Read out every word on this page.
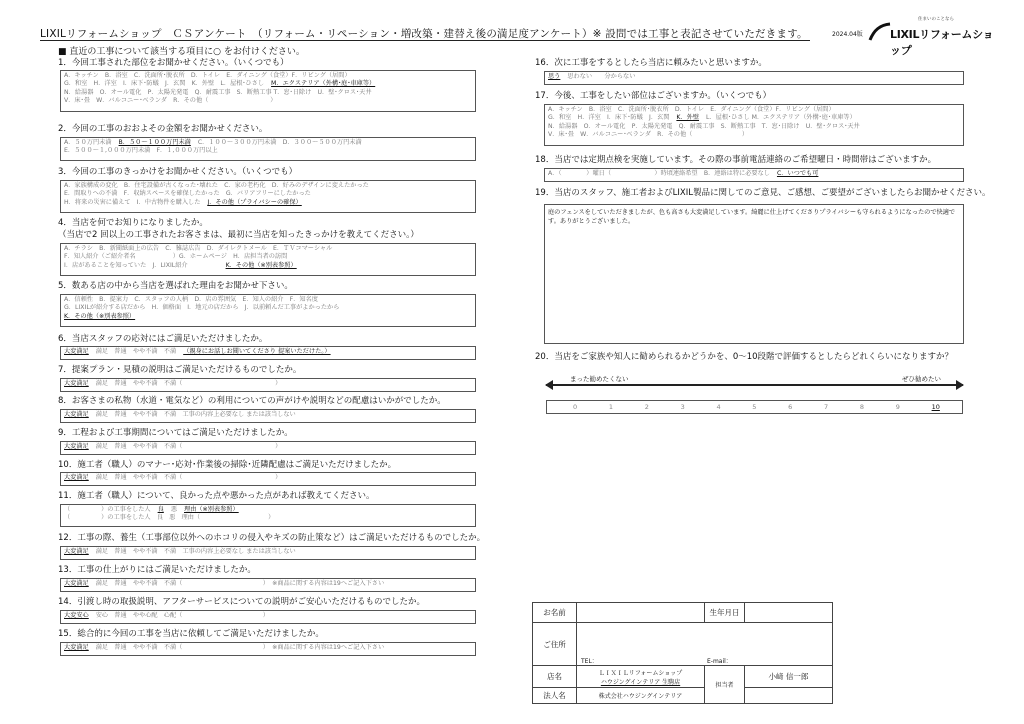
LIXILリフォームショップ　ＣＳアンケート　（リフォーム・リペーション・増改築・建替え後の満足度アンケート）※ 設問では工事と表記させていただきます。	2024.04版
住まいのことなら
LIXILリフォームショップ
■ 直近の工事について該当する項目に○ をお付けください。
1．今回工事された部位をお聞かせください。（いくつでも）
A．キッチン　B．浴室　C．洗面所･脱衣所　D．トイレ　E．ダイニング（食堂）F．リビング（居間）
G．和室　H．洋室　I．床下･防蟻　J．玄関　K．外壁　L．屋根･ひさし M．エクステリア（外構･庭･車庫等）
N．給湯器　O．オール電化　P．太陽光発電　Q．耐震工事　S．断熱工事 T．窓･日除け　U．壁･クロス･天井
V．床･畳　W．バルコニー･ベランダ　R．その他（　　　　　　　　　　）
2．今回の工事のおおよその金額をお聞かせください。
A．５０万円未満 B．５０～１００万円未満 C．１００～３００万円未満　D．３００～５００万円未満
E．５００～１,０００万円未満　F．１,０００万円以上
3．今回の工事のきっかけをお聞かせください。（いくつでも）
A．家族構成の変化　B．住宅設備が古くなった･壊れた　C．家の老朽化　D．好みのデザインに変えたかった
E．間取りへの不満　F．収納スペースを確保したかった　G．バリアフリーにしたかった
H．将来の災害に備えて　I．中古物件を購入した J．その他（プライバシーの確保）
4．当店を何でお知りになりましたか。
（当店で2 回以上の工事されたお客さまは、最初に当店を知ったきっかけを教えてください。）
A．チラシ　B．新聞紙面上の広告　C．雑誌広告　D．ダイレクトメール　E．ＴＶコマーシャル
F．知人紹介（ご紹介者名　　　　　　）G．ホームページ　H．店担当者の訪問
I．店があることを知っていた　J．LIXIL紹介　　　　　 K．その他（※別表参照）
5．数ある店の中から当店を選ばれた理由をお聞かせ下さい。
A．信頼性　B．提案力　C．スタッフの人柄　D．店の雰囲気　E．知人の紹介　F．知名度
G．LIXILが紹介する店だから　H．価格面　I．地元の店だから　J．以前頼んだ工事がよかったから
K．その他（※別表参照）
6．当店スタッフの応対にはご満足いただけましたか。
大変満足 満足　普通　やや不満　不満 （親身にお話しお聞いてくださり 提案いただけた。）
7．提案プラン・見積の説明はご満足いただけるものでしたか。
大変満足 満足　普通　やや不満　不満（　　　　　　　　　　　　　　　）
8．お客さまの私物（水道・電気など）の利用についての声がけや説明などの配慮はいかがでしたか。
大変満足 満足　普通　やや不満　不満　工事の内容上必要なし または該当しない
9．工程および工事期間についてはご満足いただけましたか。
大変満足 満足　普通　やや不満　不満（　　　　　　　　　　　　　　　）
10．施工者（職人）のマナー･応対･作業後の掃除･近隣配慮はご満足いただけましたか。
大変満足 満足　普通　やや不満　不満（　　　　　　　　　　　　　　　）
11．施工者（職人）について、良かった点や悪かった点があれば教えてください。
（　　　　　）の工事をした人 良 悪 理由（※別表参照）
（　　　　　）の工事をした人　良　悪　理由（　　　　　　　　　　　）
12．工事の際、養生（工事部位以外へのホコリの侵入やキズの防止策など）はご満足いただけるものでしたか。
大変満足 満足　普通　やや不満　不満　工事の内容上必要なし または該当しない
13．工事の仕上がりにはご満足いただけましたか。
大変満足 満足　普通　やや不満　不満（　　　　　　　　　　　　　）　※商品に関する内容は19へご記入下さい
14．引渡し時の取扱説明、アフターサービスについての説明がご安心いただけるものでしたか。
大変安心 安心　普通　やや心配　心配（　　　　　　　　　　　　　）
15．総合的に今回の工事を当店に依頼してご満足いただけましたか。
大変満足 満足　普通　やや不満　不満（　　　　　　　　　　　　　）　※商品に関する内容は19へご記入下さい
16．次に工事をするとしたら当店に頼みたいと思いますか。
思う 思わない　　分からない
17．今後、工事をしたい部位はございますか。（いくつでも）
A．キッチン　B．浴室　C．洗面所･脱衣所　D．トイレ　E．ダイニング（食堂）F．リビング（居間）
G．和室　H．洋室　I．床下･防蟻　J．玄関 K．外壁 L．屋根･ひさし M．エクステリア（外構･庭･車庫等）
N．給湯器　O．オール電化　P．太陽光発電　Q．耐震工事　S．断熱工事　T．窓･日除け　U．壁･クロス･天井
V．床･畳　W．バルコニー･ベランダ　R．その他（　　　　　　　　）
18．当店では定期点検を実施しています。その際の事前電話連絡のご希望曜日・時間帯はございますか。
A．（　　　　）曜日（　　　　　　　）時頃連絡希望　B．連絡は特に必要なし C．いつでも可
19．当店のスタッフ、施工者およびLIXIL製品に関してのご意見、ご感想、ご要望がございましたらお聞かせください。
庭のフェンスをしていただきましたが、色も高さも大変満足しています。綺麗に仕上げてくださりプライバシーも守られるようになったので快適です。ありがとうございました。
20．当店をご家族や知人に勧められるかどうかを、0～10段階で評価するとしたらどれくらいになりますか？
まった勧めたくない	ぜひ勧めたい
0	1	2	3	4	5	6	7	8	9	10
お名前		生年月日	
ご住所	TEL： E-mail：		

店名	ＬＩＸＩＬリフォームショップ
ハウジングインテリア 生駒店	担当者	小﨑 信一郎
法人名	株式会社ハウジングインテリア		
